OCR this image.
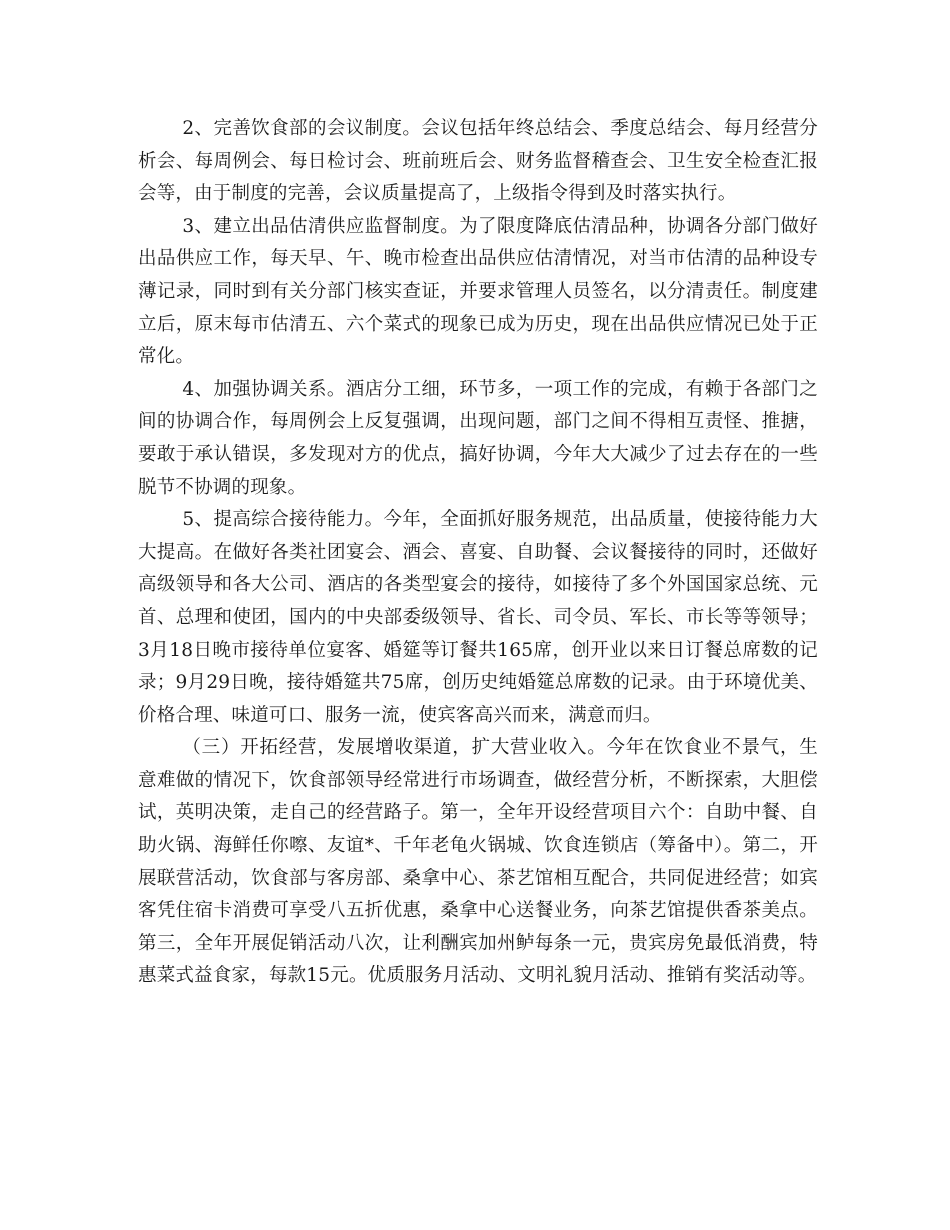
2、完善饮食部的会议制度。会议包括年终总结会、季度总结会、每月经营分析会、每周例会、每日检讨会、班前班后会、财务监督稽查会、卫生安全检查汇报会等，由于制度的完善，会议质量提高了，上级指令得到及时落实执行。

3、建立出品估清供应监督制度。为了限度降底估清品种，协调各分部门做好出品供应工作，每天早、午、晚市检查出品供应估清情况，对当市估清的品种设专薄记录，同时到有关分部门核实查证，并要求管理人员签名，以分清责任。制度建立后，原末每市估清五、六个菜式的现象已成为历史，现在出品供应情况已处于正常化。

4、加强协调关系。酒店分工细，环节多，一项工作的完成，有赖于各部门之间的协调合作，每周例会上反复强调，出现问题，部门之间不得相互责怪、推搪，要敢于承认错误，多发现对方的优点，搞好协调，今年大大减少了过去存在的一些脱节不协调的现象。

5、提高综合接待能力。今年，全面抓好服务规范，出品质量，使接待能力大大提高。在做好各类社团宴会、酒会、喜宴、自助餐、会议餐接待的同时，还做好高级领导和各大公司、酒店的各类型宴会的接待，如接待了多个外国国家总统、元首、总理和使团，国内的中央部委级领导、省长、司令员、军长、市长等等领导；3月18日晚市接待单位宴客、婚筵等订餐共165席，创开业以来日订餐总席数的记录；9月29日晚，接待婚筵共75席，创历史纯婚筵总席数的记录。由于环境优美、价格合理、味道可口、服务一流，使宾客高兴而来，满意而归。

（三）开拓经营，发展增收渠道，扩大营业收入。今年在饮食业不景气，生意难做的情况下，饮食部领导经常进行市场调查，做经营分析，不断探索，大胆偿试，英明决策，走自己的经营路子。第一，全年开设经营项目六个：自助中餐、自助火锅、海鲜任你嚓、友谊*、千年老龟火锅城、饮食连锁店（筹备中）。第二，开展联营活动，饮食部与客房部、桑拿中心、茶艺馆相互配合，共同促进经营；如宾客凭住宿卡消费可享受八五折优惠，桑拿中心送餐业务，向茶艺馆提供香茶美点。第三，全年开展促销活动八次，让利酬宾加州鲈每条一元，贵宾房免最低消费，特惠菜式益食家，每款15元。优质服务月活动、文明礼貌月活动、推销有奖活动等。
